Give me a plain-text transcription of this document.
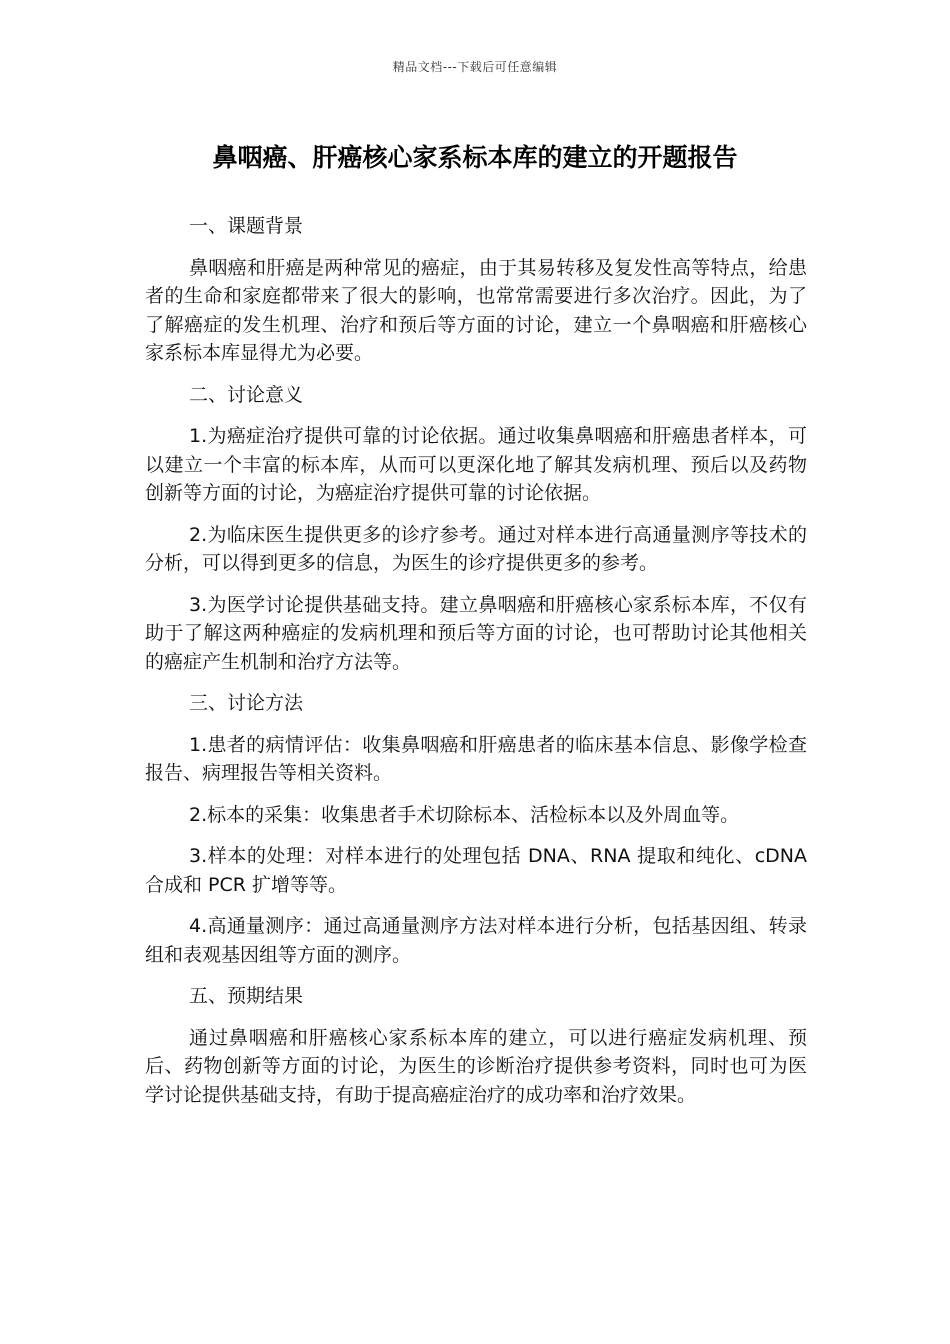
精品文档---下载后可任意编辑
鼻咽癌、肝癌核心家系标本库的建立的开题报告

一、课题背景

鼻咽癌和肝癌是两种常见的癌症，由于其易转移及复发性高等特点，给患者的生命和家庭都带来了很大的影响，也常常需要进行多次治疗。因此，为了了解癌症的发生机理、治疗和预后等方面的讨论，建立一个鼻咽癌和肝癌核心家系标本库显得尤为必要。

二、讨论意义

1.为癌症治疗提供可靠的讨论依据。通过收集鼻咽癌和肝癌患者样本，可以建立一个丰富的标本库，从而可以更深化地了解其发病机理、预后以及药物创新等方面的讨论，为癌症治疗提供可靠的讨论依据。

2.为临床医生提供更多的诊疗参考。通过对样本进行高通量测序等技术的分析，可以得到更多的信息，为医生的诊疗提供更多的参考。

3.为医学讨论提供基础支持。建立鼻咽癌和肝癌核心家系标本库，不仅有助于了解这两种癌症的发病机理和预后等方面的讨论，也可帮助讨论其他相关的癌症产生机制和治疗方法等。

三、讨论方法

1.患者的病情评估：收集鼻咽癌和肝癌患者的临床基本信息、影像学检查报告、病理报告等相关资料。

2.标本的采集：收集患者手术切除标本、活检标本以及外周血等。

3.样本的处理：对样本进行的处理包括 DNA、RNA 提取和纯化、cDNA 合成和 PCR 扩增等等。

4.高通量测序：通过高通量测序方法对样本进行分析，包括基因组、转录组和表观基因组等方面的测序。

五、预期结果

通过鼻咽癌和肝癌核心家系标本库的建立，可以进行癌症发病机理、预后、药物创新等方面的讨论，为医生的诊断治疗提供参考资料，同时也可为医学讨论提供基础支持，有助于提高癌症治疗的成功率和治疗效果。
